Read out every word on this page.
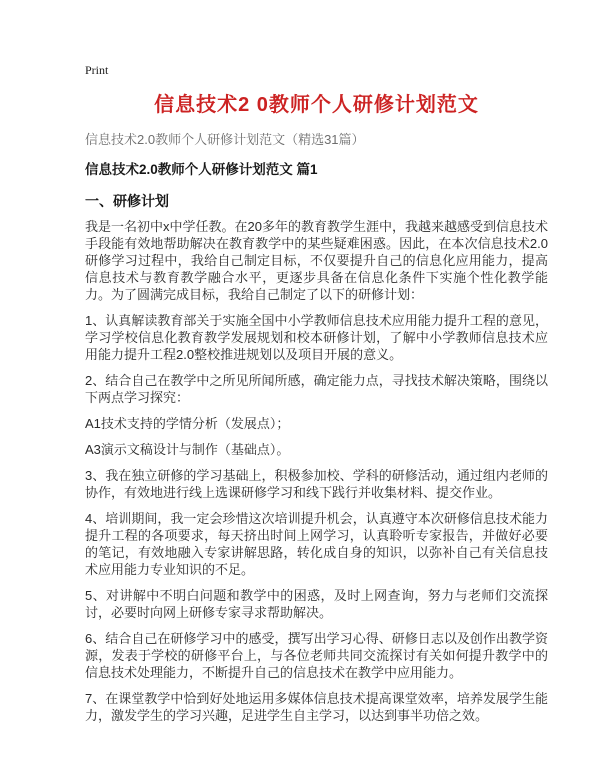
Print
信息技术2 0教师个人研修计划范文
信息技术2.0教师个人研修计划范文（精选31篇）
信息技术2.0教师个人研修计划范文 篇1
一、研修计划

我是一名初中x中学任教。在20多年的教育教学生涯中，我越来越感受到信息技术手段能有效地帮助解决在教育教学中的某些疑难困惑。因此，在本次信息技术2.0研修学习过程中，我给自己制定目标，不仅要提升自己的信息化应用能力，提高信息技术与教育教学融合水平，更逐步具备在信息化条件下实施个性化教学能力。为了圆满完成目标，我给自己制定了以下的研修计划：

1、认真解读教育部关于实施全国中小学教师信息技术应用能力提升工程的意见，学习学校信息化教育教学发展规划和校本研修计划，了解中小学教师信息技术应用能力提升工程2.0整校推进规划以及项目开展的意义。

2、结合自己在教学中之所见所闻所感，确定能力点，寻找技术解决策略，围绕以下两点学习探究：

A1技术支持的学情分析（发展点）；

A3演示文稿设计与制作（基础点）。

3、我在独立研修的学习基础上，积极参加校、学科的研修活动，通过组内老师的协作，有效地进行线上选课研修学习和线下践行并收集材料、提交作业。

4、培训期间，我一定会珍惜这次培训提升机会，认真遵守本次研修信息技术能力提升工程的各项要求，每天挤出时间上网学习，认真聆听专家报告，并做好必要的笔记，有效地融入专家讲解思路，转化成自身的知识，以弥补自己有关信息技术应用能力专业知识的不足。

5、对讲解中不明白问题和教学中的困惑，及时上网查询，努力与老师们交流探讨，必要时向网上研修专家寻求帮助解决。

6、结合自己在研修学习中的感受，撰写出学习心得、研修日志以及创作出教学资源，发表于学校的研修平台上，与各位老师共同交流探讨有关如何提升教学中的信息技术处理能力，不断提升自己的信息技术在教学中应用能力。

7、在课堂教学中恰到好处地运用多媒体信息技术提高课堂效率，培养发展学生能力，激发学生的学习兴趣，足进学生自主学习，以达到事半功倍之效。
